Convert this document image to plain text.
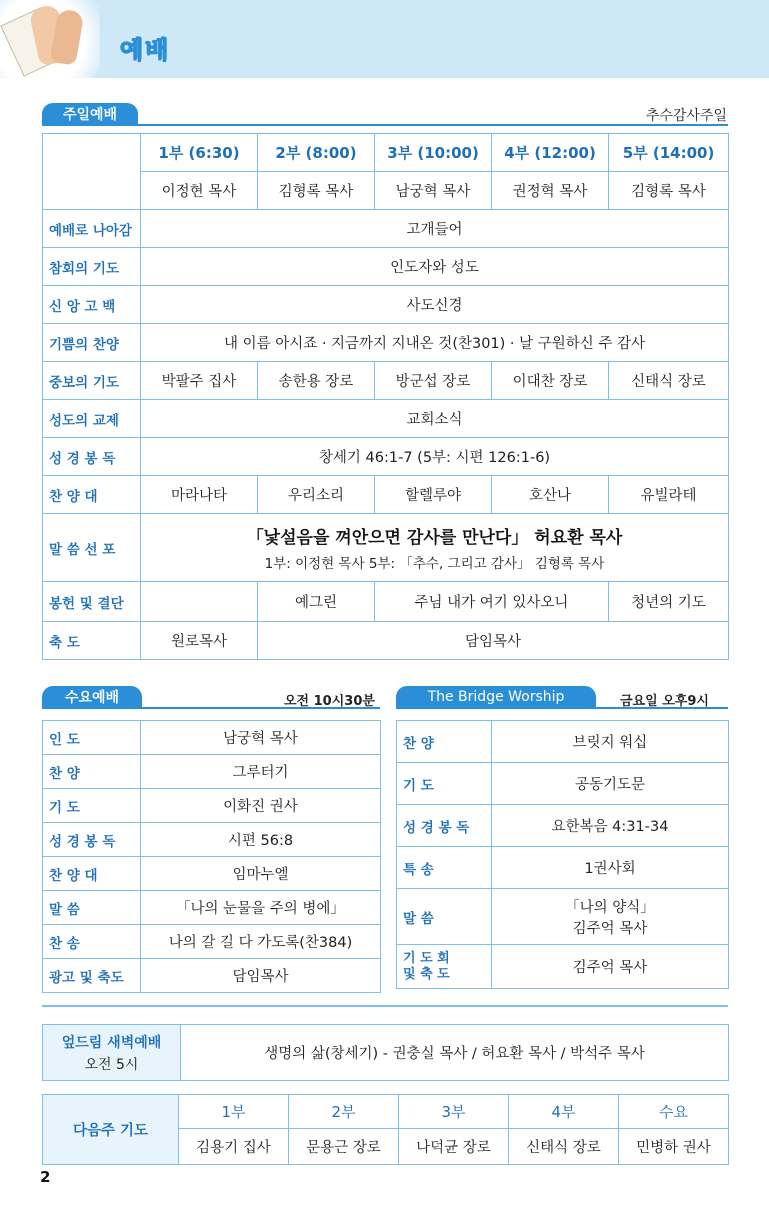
예배
주일예배	추수감사주일
	1부 (6:30)	2부 (8:00)	3부 (10:00)	4부 (12:00)	5부 (14:00)
	이정현 목사	김형록 목사	남궁혁 목사	권정혁 목사	김형록 목사
예배로 나아감	고개들어				
참회의 기도	인도자와 성도				
신 앙 고 백	사도신경				
기쁨의 찬양	내 이름 아시죠 · 지금까지 지내온 것(찬301) · 날 구원하신 주 감사				
중보의 기도	박팔주 집사	송한용 장로	방군섭 장로	이대찬 장로	신태식 장로
성도의 교제	교회소식				
성 경 봉 독	창세기 46:1-7 (5부: 시편 126:1-6)				
찬 양 대	마라나타	우리소리	할렐루야	호산나	유빌라테
말 씀 선 포	「낯설음을 껴안으면 감사를 만난다」 허요환 목사
1부: 이정현 목사 5부: 「추수, 그리고 감사」 김형록 목사				

봉헌 및 결단		예그린	주님 내가 여기 있사오니		청년의 기도
축 도	원로목사	담임목사			
수요예배	오전 10시30분
인 도	남궁혁 목사
찬 양	그루터기
기 도	이화진 권사
성 경 봉 독	시편 56:8
찬 양 대	임마누엘
말 씀	「나의 눈물을 주의 병에」
찬 송	나의 갈 길 다 가도록(찬384)
광고 및 축도	담임목사
The Bridge Worship	금요일 오후9시
찬 양	브릿지 워십
기 도	공동기도문
성 경 봉 독	요한복음 4:31-34
특 송	1권사회
말 씀	「나의 양식」
김주억 목사

기 도 회
및 축 도	김주억 목사
엎드림 새벽예배
오전 5시
	생명의 삶(창세기) - 권충실 목사 / 허요환 목사 / 박석주 목사
다음주 기도	1부	2부	3부	4부	수요
	김용기 집사	문용근 장로	나덕균 장로	신태식 장로	민병하 권사
2
